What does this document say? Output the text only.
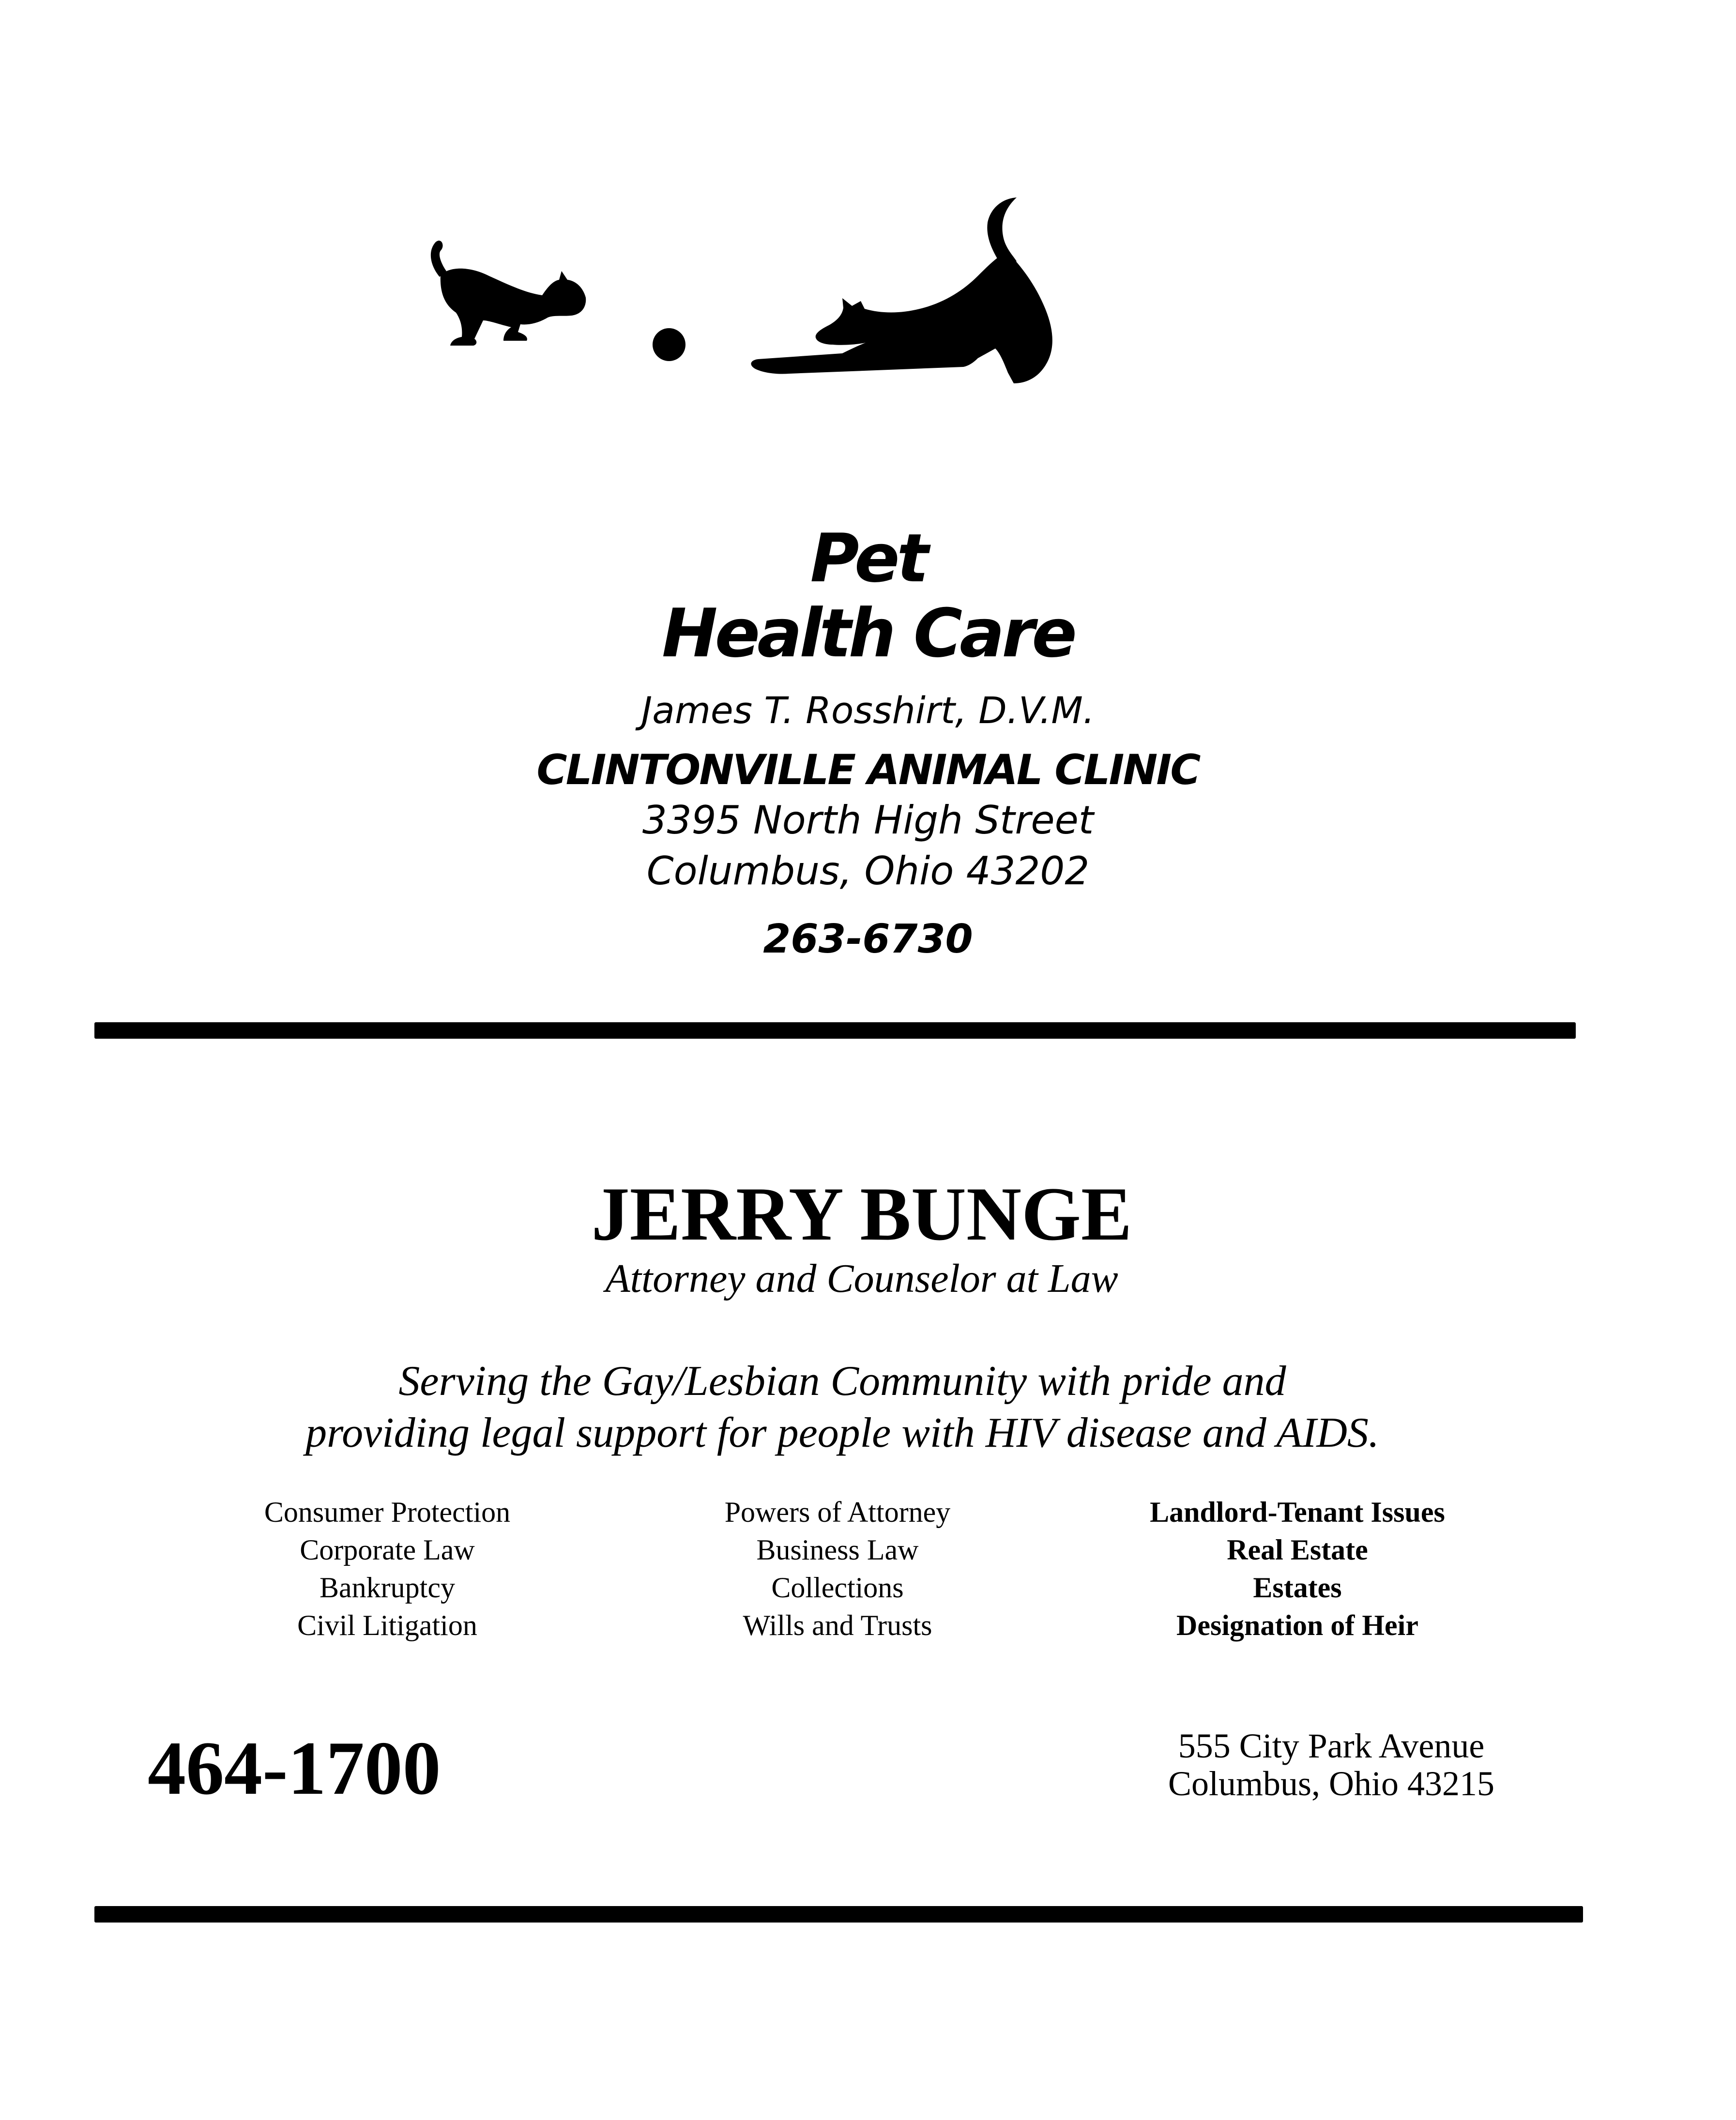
Pet
Health Care
James T. Rosshirt, D.V.M.
CLINTONVILLE ANIMAL CLINIC
3395 North High Street
Columbus, Ohio 43202
263-6730
JERRY BUNGE
Attorney and Counselor at Law
Serving the Gay/Lesbian Community with pride and
providing legal support for people with HIV disease and AIDS.
Consumer Protection
Corporate Law
Bankruptcy
Civil Litigation
Powers of Attorney
Business Law
Collections
Wills and Trusts
Landlord-Tenant Issues
Real Estate
Estates
Designation of Heir
464-1700	555 City Park Avenue
Columbus, Ohio 43215
